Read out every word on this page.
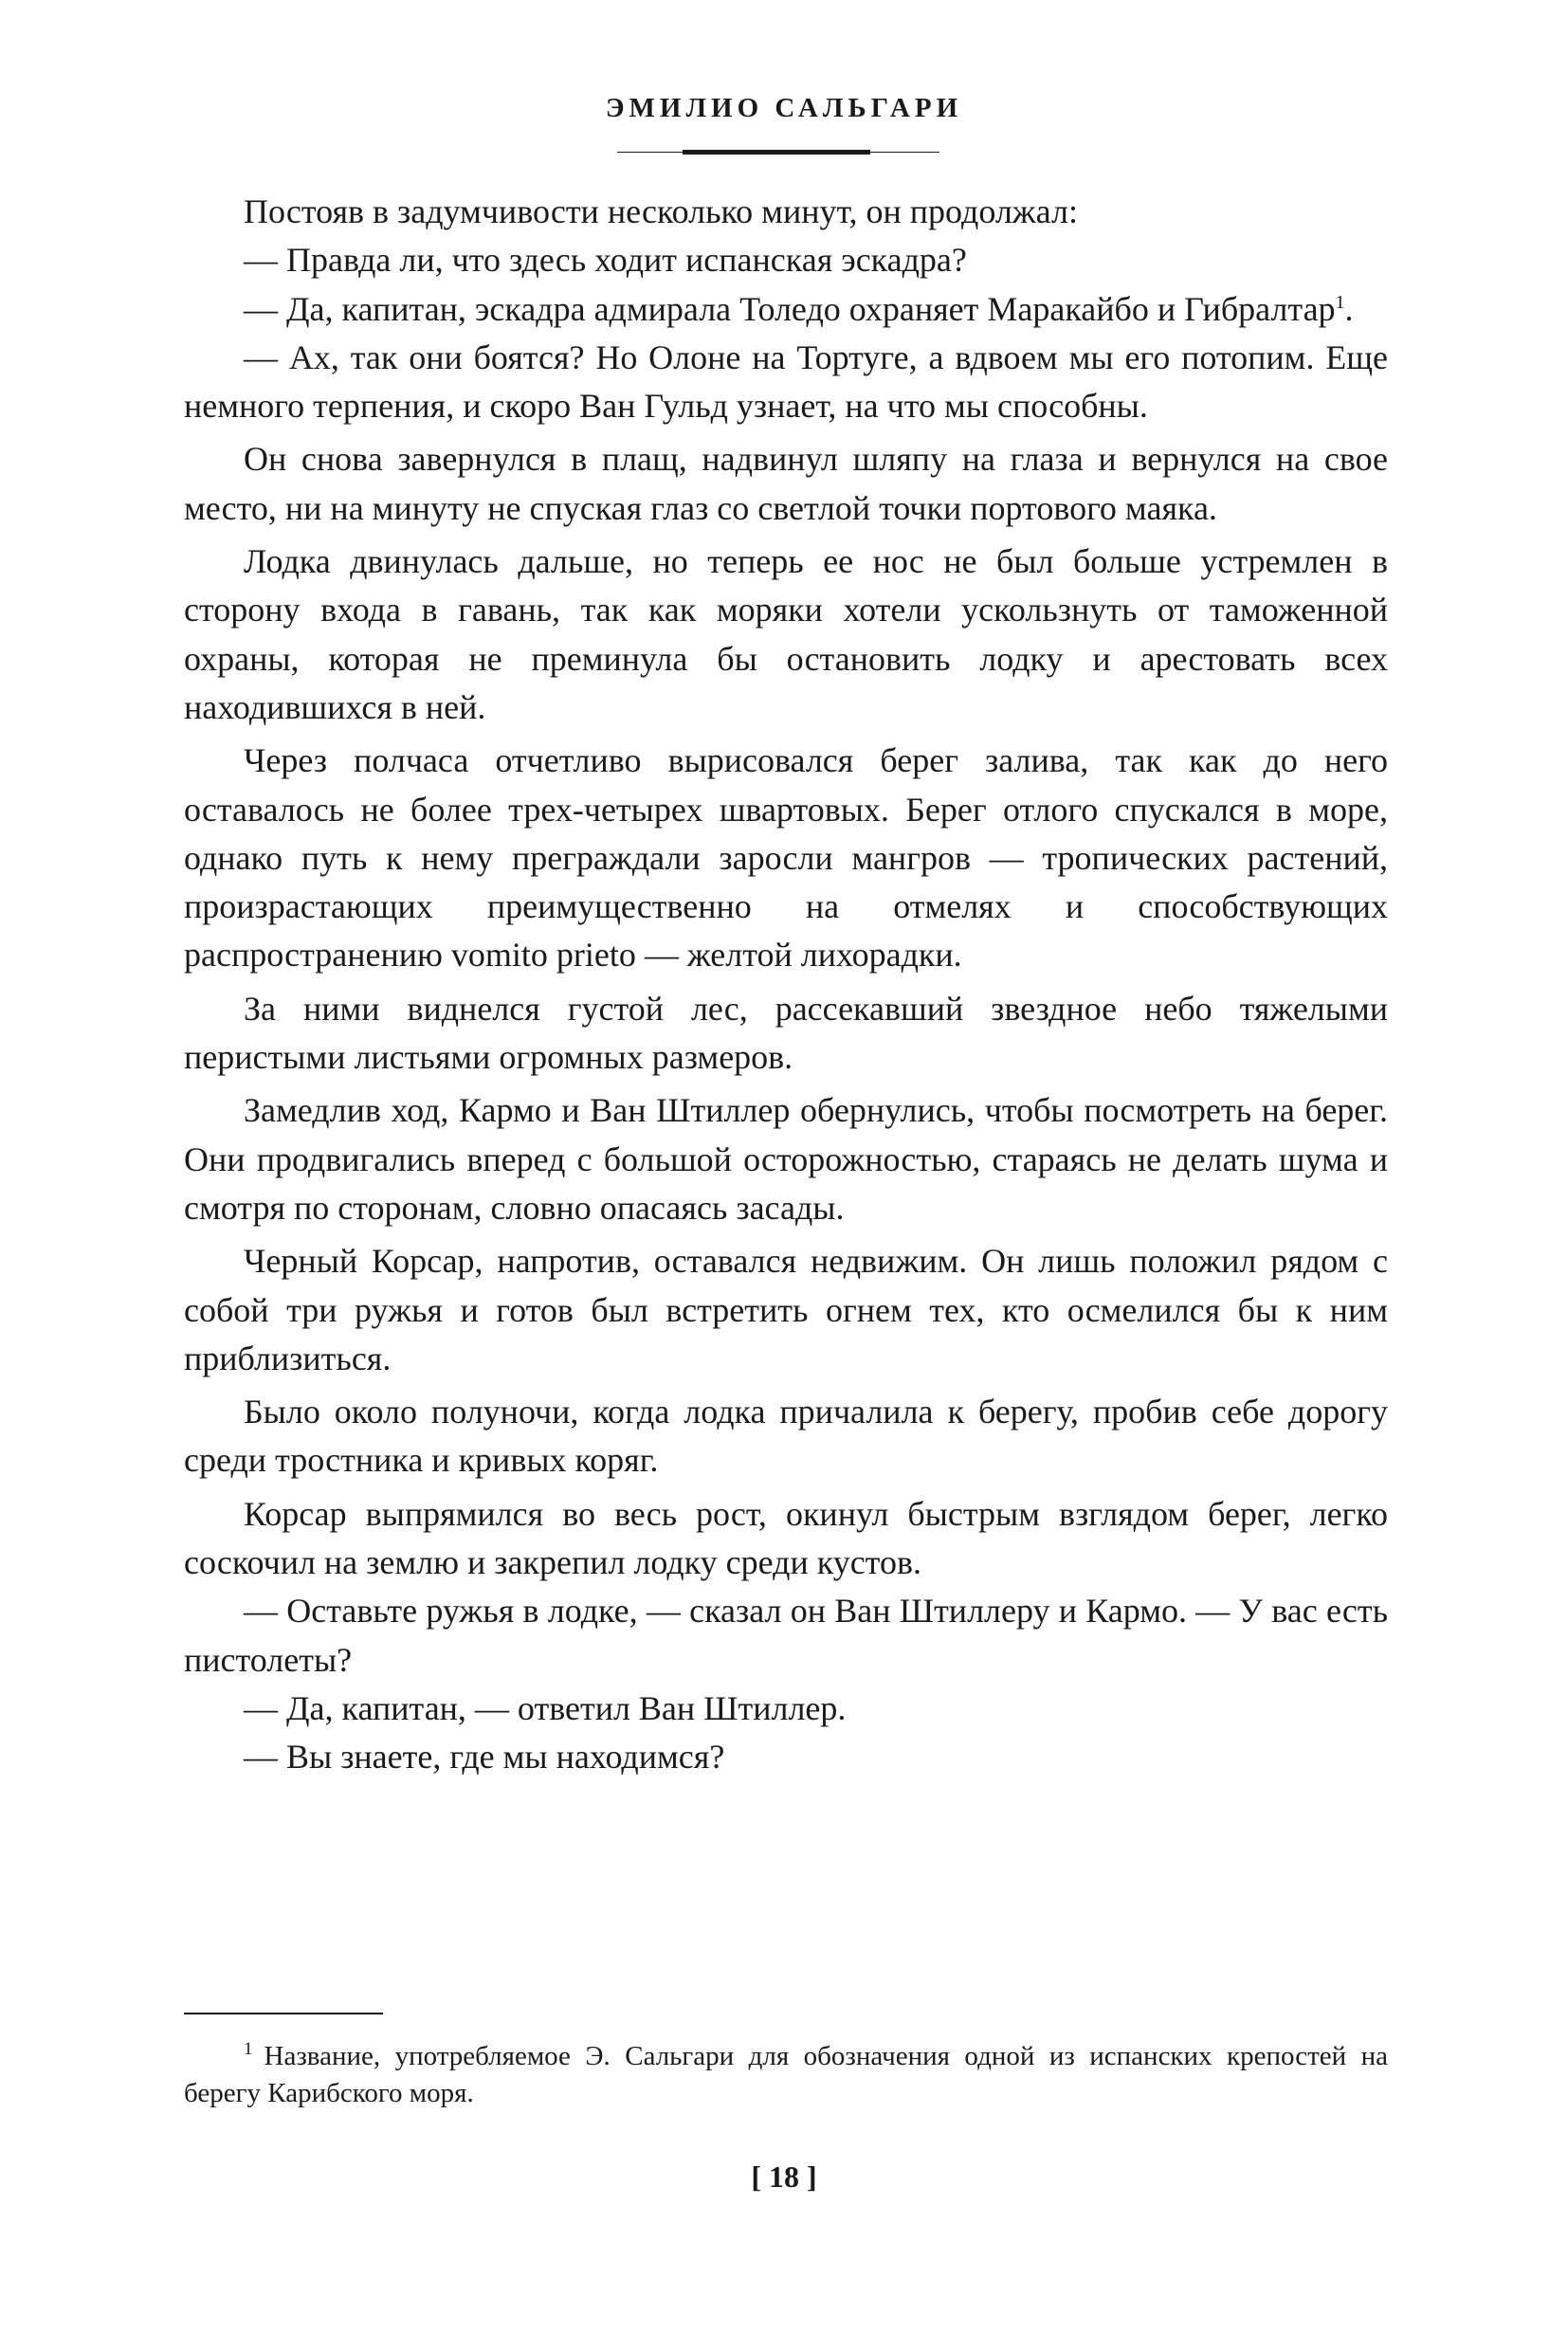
ЭМИЛИО САЛЬГАРИ

Постояв в задумчивости несколько минут, он продолжал:

— Правда ли, что здесь ходит испанская эскадра?

— Да, капитан, эскадра адмирала Толедо охраняет Маракайбо и Гибралтар$^1$.

— Ах, так они боятся? Но Олоне на Тортуге, а вдвоем мы его потопим. Еще немного терпения, и скоро Ван Гульд узнает, на что мы способны.

Он снова завернулся в плащ, надвинул шляпу на глаза и вернулся на свое место, ни на минуту не спуская глаз со светлой точки портового маяка.

Лодка двинулась дальше, но теперь ее нос не был больше устремлен в сторону входа в гавань, так как моряки хотели ускользнуть от таможенной охраны, которая не преминула бы остановить лодку и арестовать всех находившихся в ней.

Через полчаса отчетливо вырисовался берег залива, так как до него оставалось не более трех-четырех швартовых. Берег отлого спускался в море, однако путь к нему преграждали заросли мангров — тропических растений, произрастающих преимущественно на отмелях и способствующих распространению vomito prieto — желтой лихорадки.

За ними виднелся густой лес, рассекавший звездное небо тяжелыми перистыми листьями огромных размеров.

Замедлив ход, Кармо и Ван Штиллер обернулись, чтобы посмотреть на берег. Они продвигались вперед с большой осторожностью, стараясь не делать шума и смотря по сторонам, словно опасаясь засады.

Черный Корсар, напротив, оставался недвижим. Он лишь положил рядом с собой три ружья и готов был встретить огнем тех, кто осмелился бы к ним приблизиться.

Было около полуночи, когда лодка причалила к берегу, пробив себе дорогу среди тростника и кривых коряг.

Корсар выпрямился во весь рост, окинул быстрым взглядом берег, легко соскочил на землю и закрепил лодку среди кустов.

— Оставьте ружья в лодке, — сказал он Ван Штиллеру и Кармо. — У вас есть пистолеты?

— Да, капитан, — ответил Ван Штиллер.

— Вы знаете, где мы находимся?

$^1$ Название, употребляемое Э. Сальгари для обозначения одной из испанских крепостей на берегу Карибского моря.
[ 18 ]
